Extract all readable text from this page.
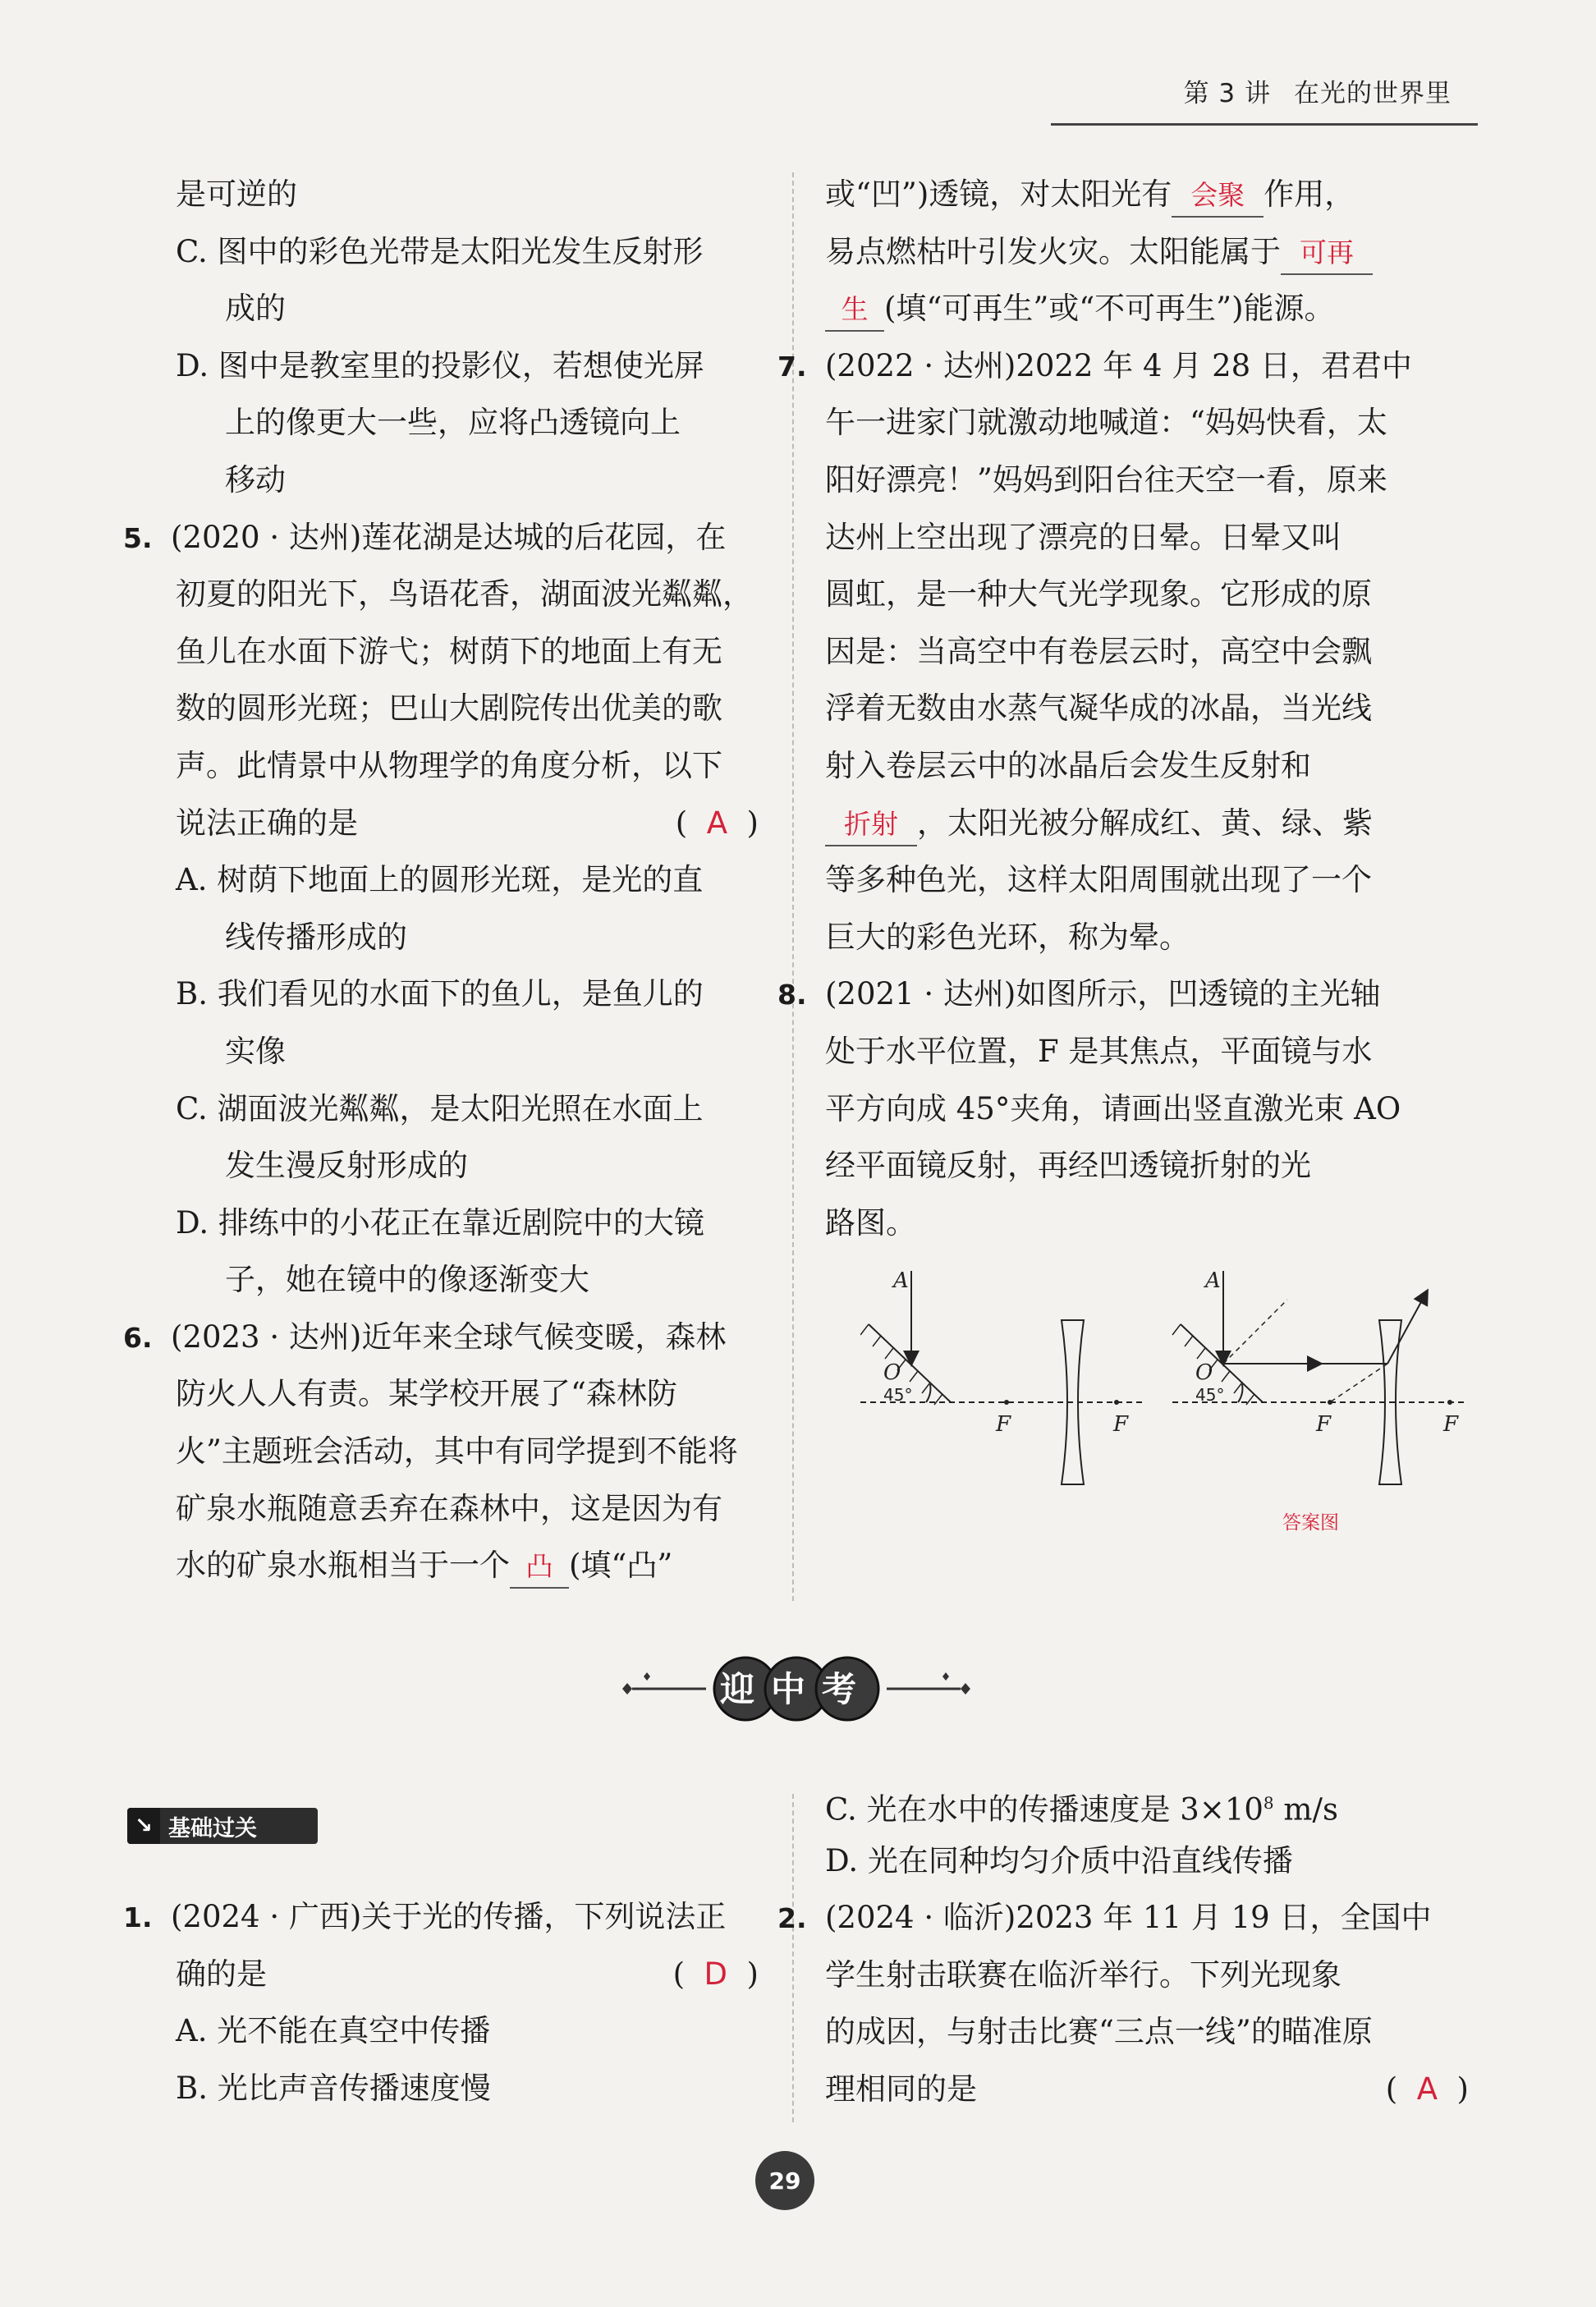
第 3 讲 在光的世界里
是可逆的
C. 图中的彩色光带是太阳光发生反射形
成的
D. 图中是教室里的投影仪，若想使光屏
上的像更大一些，应将凸透镜向上
移动
5. (2020 · 达州)莲花湖是达城的后花园，在
初夏的阳光下，鸟语花香，湖面波光粼粼，
鱼儿在水面下游弋；树荫下的地面上有无
数的圆形光斑；巴山大剧院传出优美的歌
声。此情景中从物理学的角度分析，以下
说法正确的是	(  A  )
A. 树荫下地面上的圆形光斑，是光的直
线传播形成的
B. 我们看见的水面下的鱼儿，是鱼儿的
实像
C. 湖面波光粼粼，是太阳光照在水面上
发生漫反射形成的
D. 排练中的小花正在靠近剧院中的大镜
子，她在镜中的像逐渐变大
6. (2023 · 达州)近年来全球气候变暖，森林
防火人人有责。某学校开展了“森林防
火”主题班会活动，其中有同学提到不能将
矿泉水瓶随意丢弃在森林中，这是因为有
水的矿泉水瓶相当于一个 凸 (填“凸”
或“凹”)透镜，对太阳光有 会聚 作用，
易点燃枯叶引发火灾。太阳能属于 可再
生 (填“可再生”或“不可再生”)能源。
7. (2022 · 达州)2022 年 4 月 28 日，君君中
午一进家门就激动地喊道：“妈妈快看，太
阳好漂亮！”妈妈到阳台往天空一看，原来
达州上空出现了漂亮的日晕。日晕又叫
圆虹，是一种大气光学现象。它形成的原
因是：当高空中有卷层云时，高空中会飘
浮着无数由水蒸气凝华成的冰晶，当光线
射入卷层云中的冰晶后会发生反射和
折射 ，太阳光被分解成红、黄、绿、紫
等多种色光，这样太阳周围就出现了一个
巨大的彩色光环，称为晕。
8. (2021 · 达州)如图所示，凹透镜的主光轴
处于水平位置，F 是其焦点，平面镜与水
平方向成 45°夹角，请画出竖直激光束 AO
经平面镜反射，再经凹透镜折射的光
路图。
A
O
F	F
45°
A
O
F	F
45°
答案图
迎中考
↘ 基础过关
1. (2024 · 广西)关于光的传播，下列说法正
确的是	(  D  )
A. 光不能在真空中传播
B. 光比声音传播速度慢
C. 光在水中的传播速度是 $3\times 10^8$ m/s
D. 光在同种均匀介质中沿直线传播
2. (2024 · 临沂)2023 年 11 月 19 日，全国中
学生射击联赛在临沂举行。下列光现象
的成因，与射击比赛“三点一线”的瞄准原
理相同的是	(  A  )
29
